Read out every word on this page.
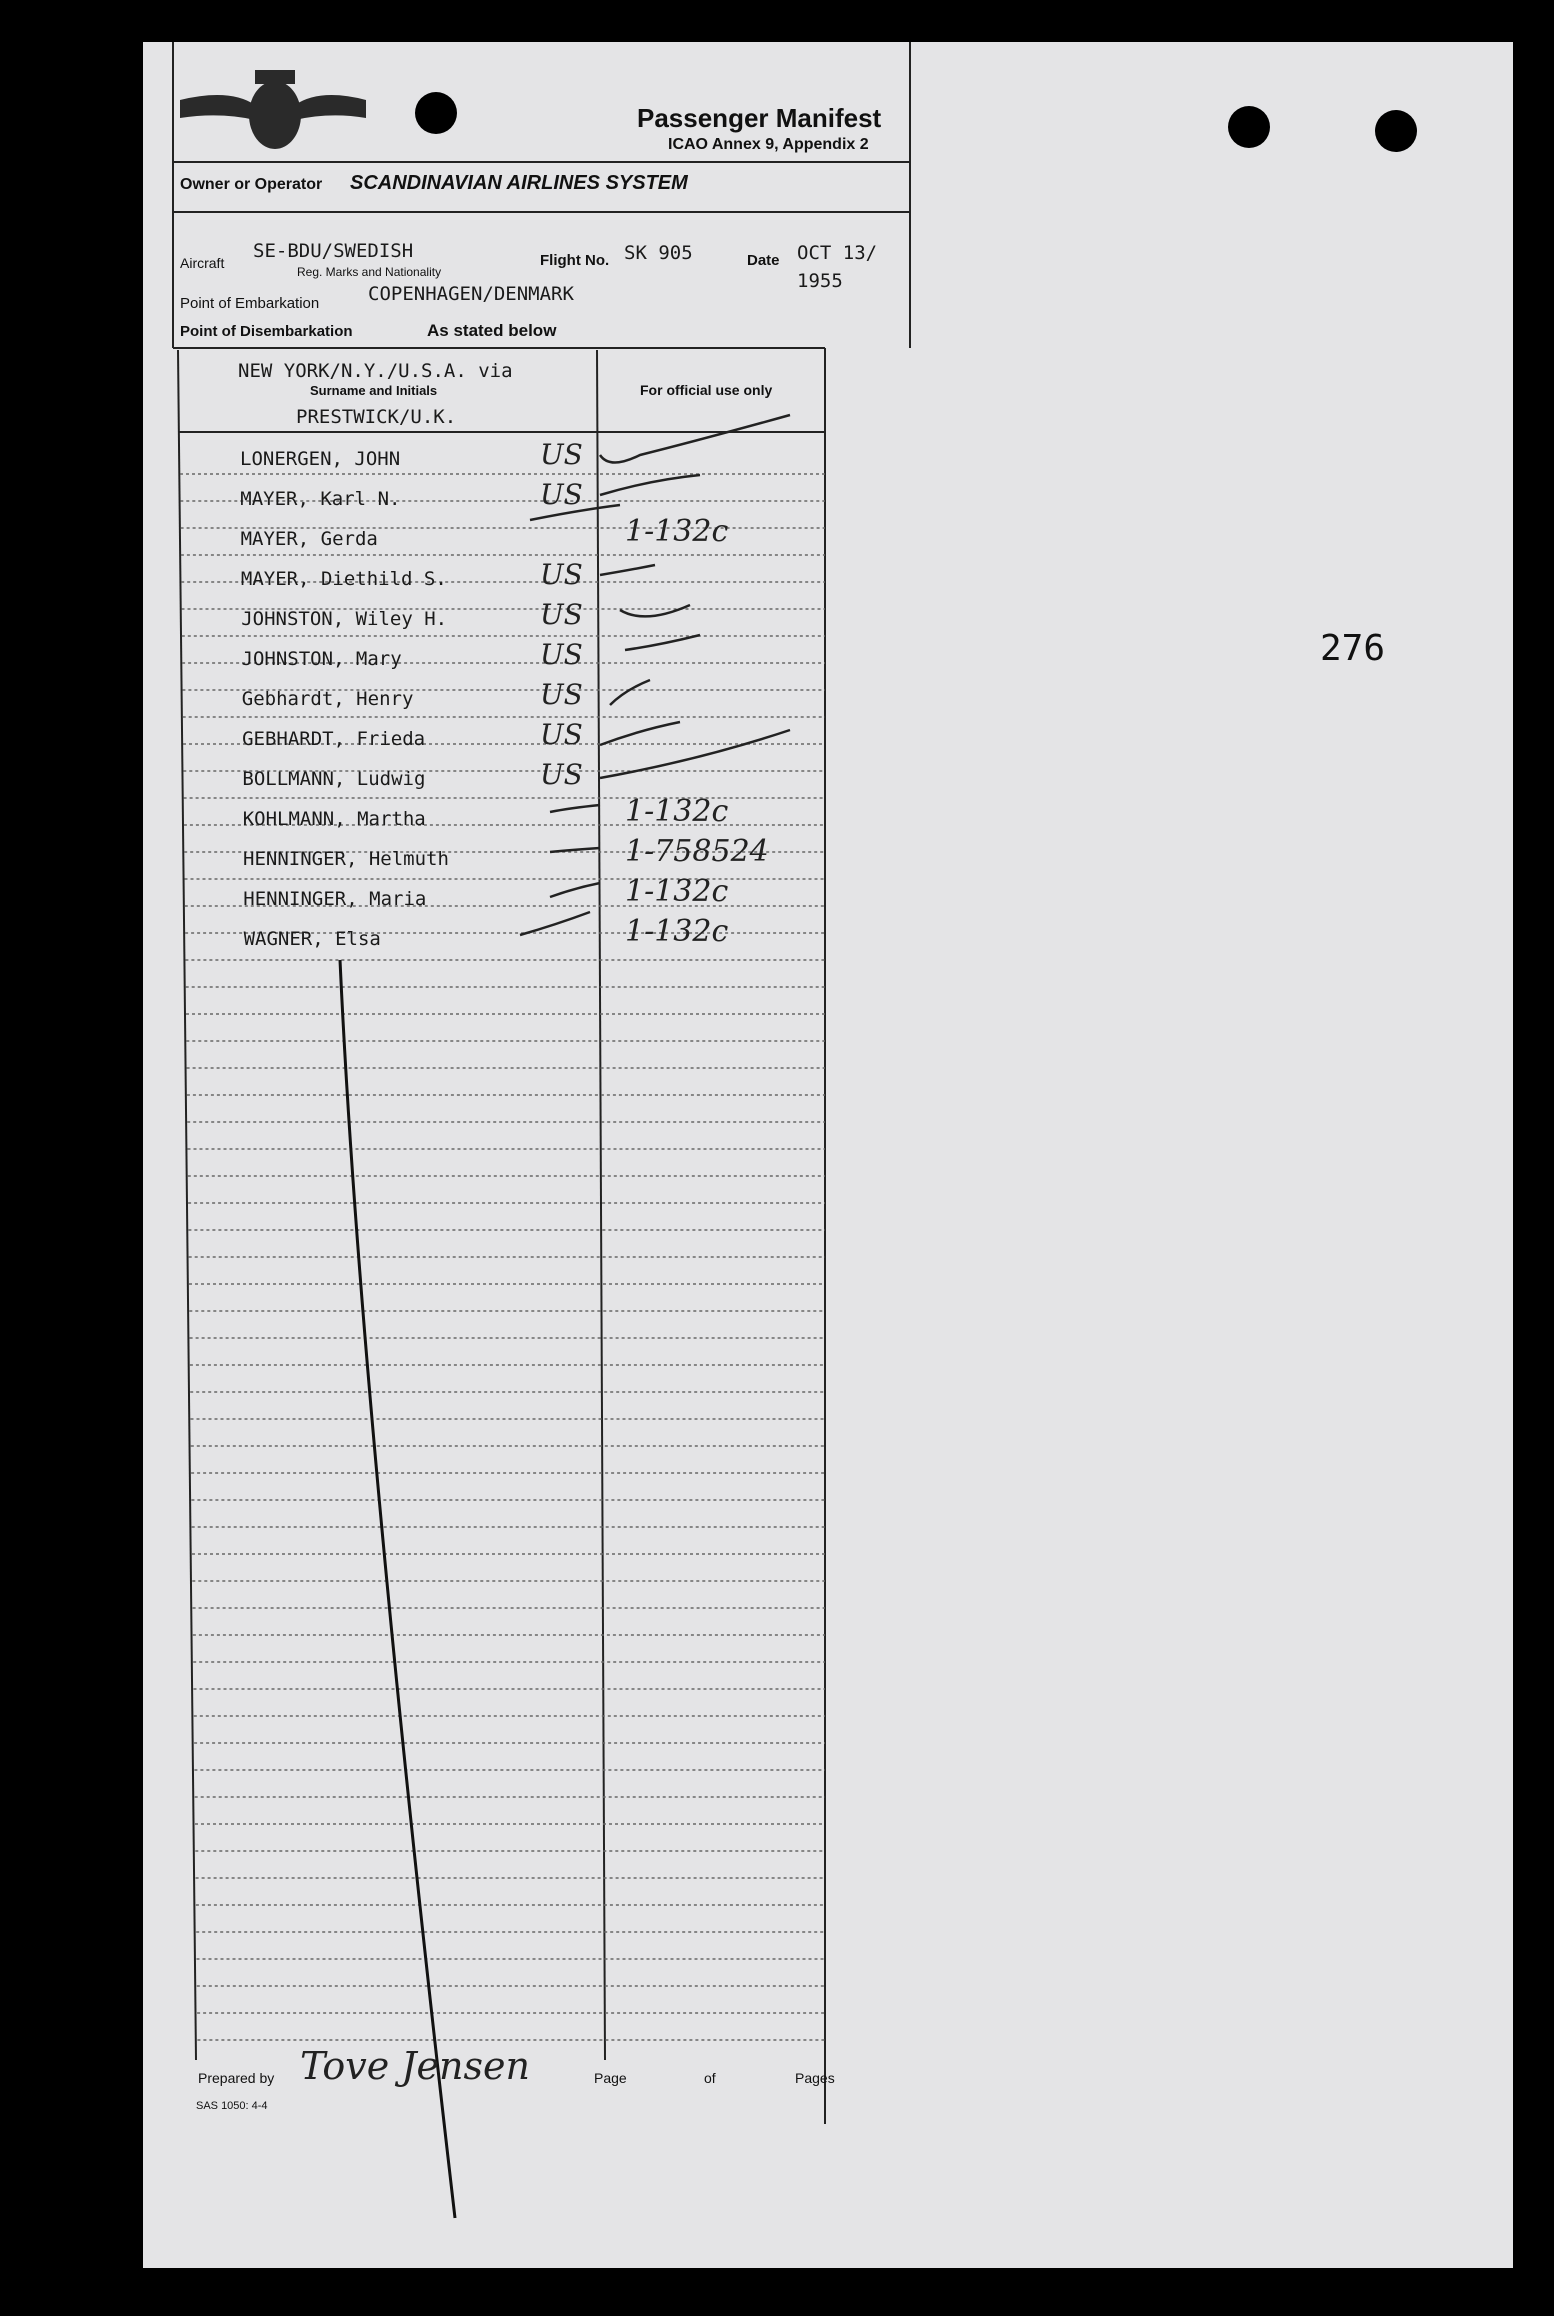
Passenger Manifest
ICAO Annex 9, Appendix 2
Owner or Operator SCANDINAVIAN AIRLINES SYSTEM
Aircraft
SE-BDU/SWEDISH
Reg. Marks and Nationality
Flight No. SK 905	Date OCT 13/
1955
Point of Embarkation	COPENHAGEN/DENMARK
Point of Disembarkation	As stated below
NEW YORK/N.Y./U.S.A. via
Surname and Initials
PRESTWICK/U.K.
For official use only
LONERGEN, JOHN	US
MAYER, Karl N.	US
MAYER, Gerda	1-132c
MAYER, Diethild S.	US
JOHNSTON, Wiley H.	US
JOHNSTON, Mary	US
Gebhardt, Henry	US
GEBHARDT, Frieda	US
BOLLMANN, Ludwig	US
KOHLMANN, Martha	1-132c
HENNINGER, Helmuth	1-758524
HENNINGER, Maria	1-132c
WAGNER, Elsa	1-132c
Prepared by Tove Jensen	Page	of	Pages
SAS 1050: 4-4
276
